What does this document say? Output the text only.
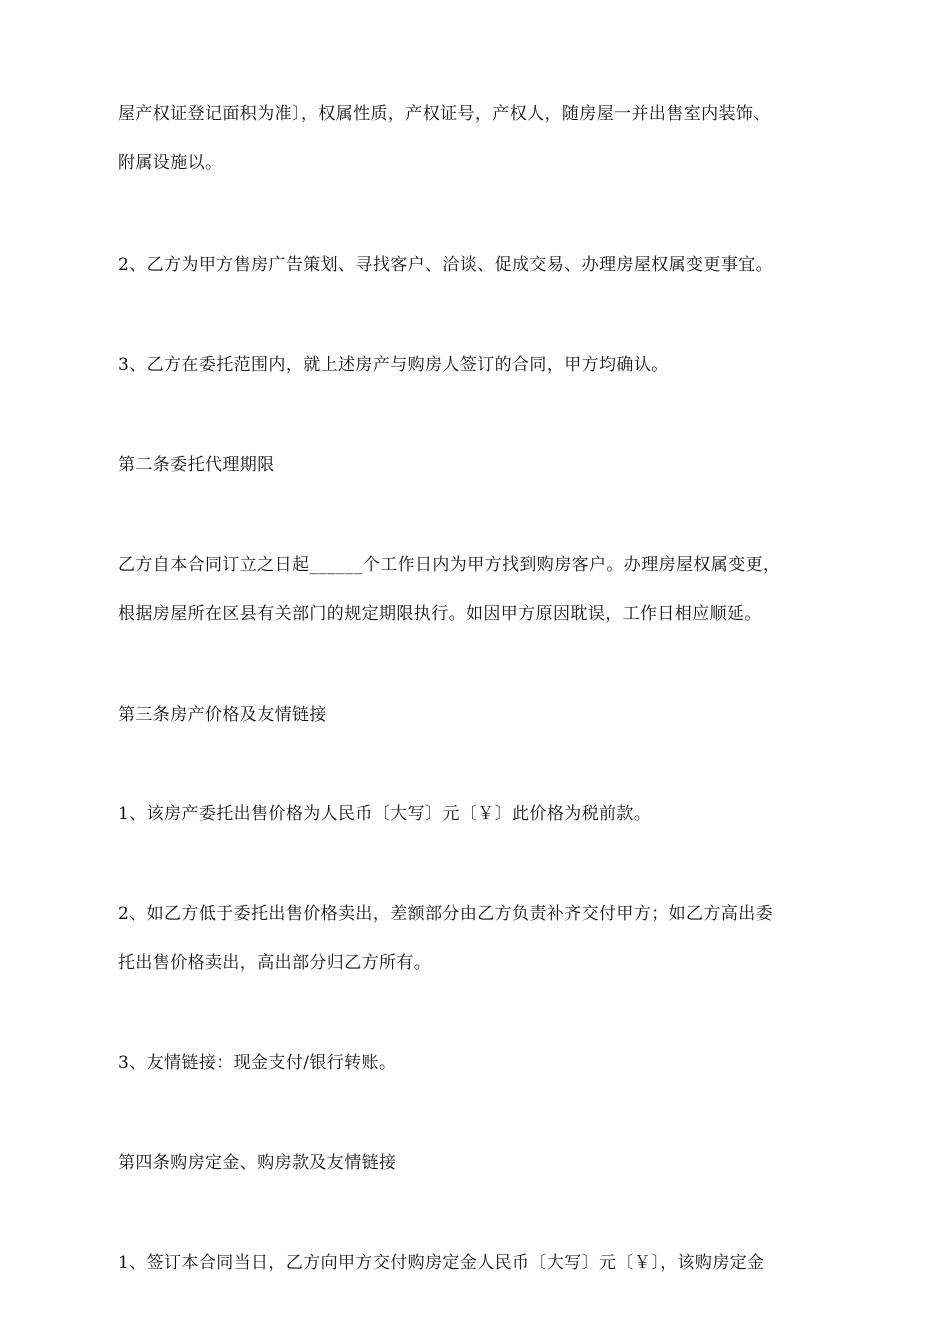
屋产权证登记面积为准〕，权属性质，产权证号，产权人，随房屋一并出售室内装饰、
附属设施以。
2、乙方为甲方售房广告策划、寻找客户、洽谈、促成交易、办理房屋权属变更事宜。
3、乙方在委托范围内，就上述房产与购房人签订的合同，甲方均确认。
第二条委托代理期限
乙方自本合同订立之日起______个工作日内为甲方找到购房客户。办理房屋权属变更，
根据房屋所在区县有关部门的规定期限执行。如因甲方原因耽误，工作日相应顺延。
第三条房产价格及友情链接
1、该房产委托出售价格为人民币〔大写〕元〔￥〕此价格为税前款。
2、如乙方低于委托出售价格卖出，差额部分由乙方负责补齐交付甲方；如乙方高出委
托出售价格卖出，高出部分归乙方所有。
3、友情链接：现金支付/银行转账。
第四条购房定金、购房款及友情链接
1、签订本合同当日，乙方向甲方交付购房定金人民币〔大写〕元〔￥〕，该购房定金
